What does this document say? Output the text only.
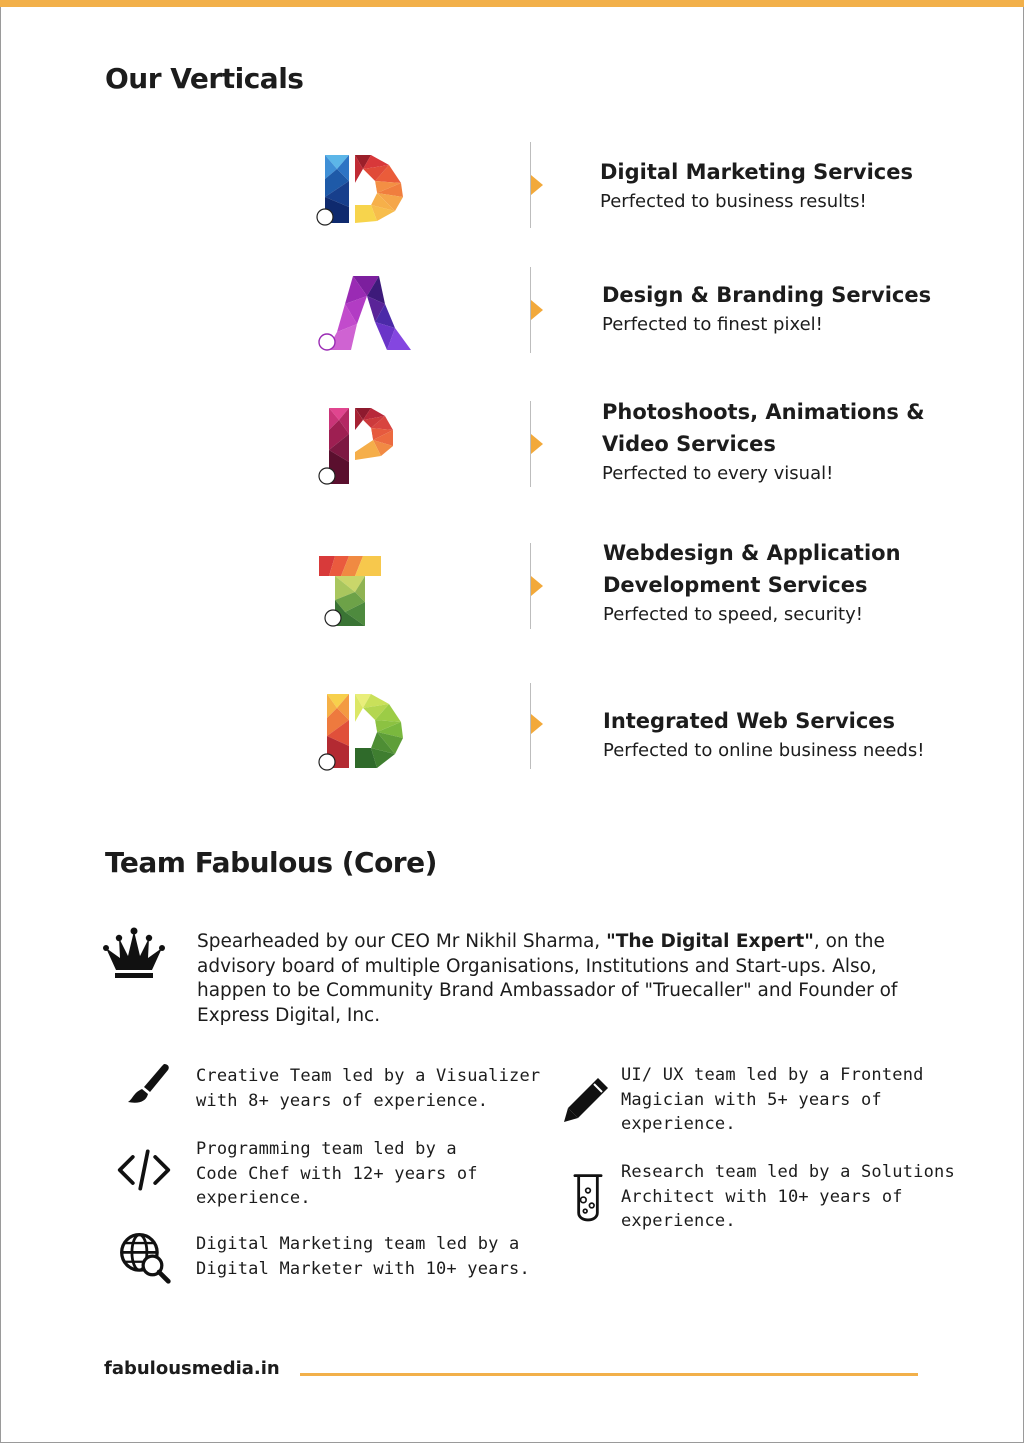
Our Verticals
Digital Marketing Services
Perfected to business results!
Design & Branding Services
Perfected to finest pixel!
Photoshoots, Animations &
Video Services
Perfected to every visual!
Webdesign & Application
Development Services
Perfected to speed, security!
Integrated Web Services
Perfected to online business needs!
Team Fabulous (Core)
Spearheaded by our CEO Mr Nikhil Sharma, "The Digital Expert", on the advisory board of multiple Organisations, Institutions and Start-ups. Also, happen to be Community Brand Ambassador of "Truecaller" and Founder of Express Digital, Inc.
Creative Team led by a Visualizer
with 8+ years of experience.
Programming team led by a
Code Chef with 12+ years of
experience.
Digital Marketing team led by a
Digital Marketer with 10+ years.
UI/ UX team led by a Frontend
Magician with 5+ years of
experience.
Research team led by a Solutions
Architect with 10+ years of
experience.
fabulousmedia.in
